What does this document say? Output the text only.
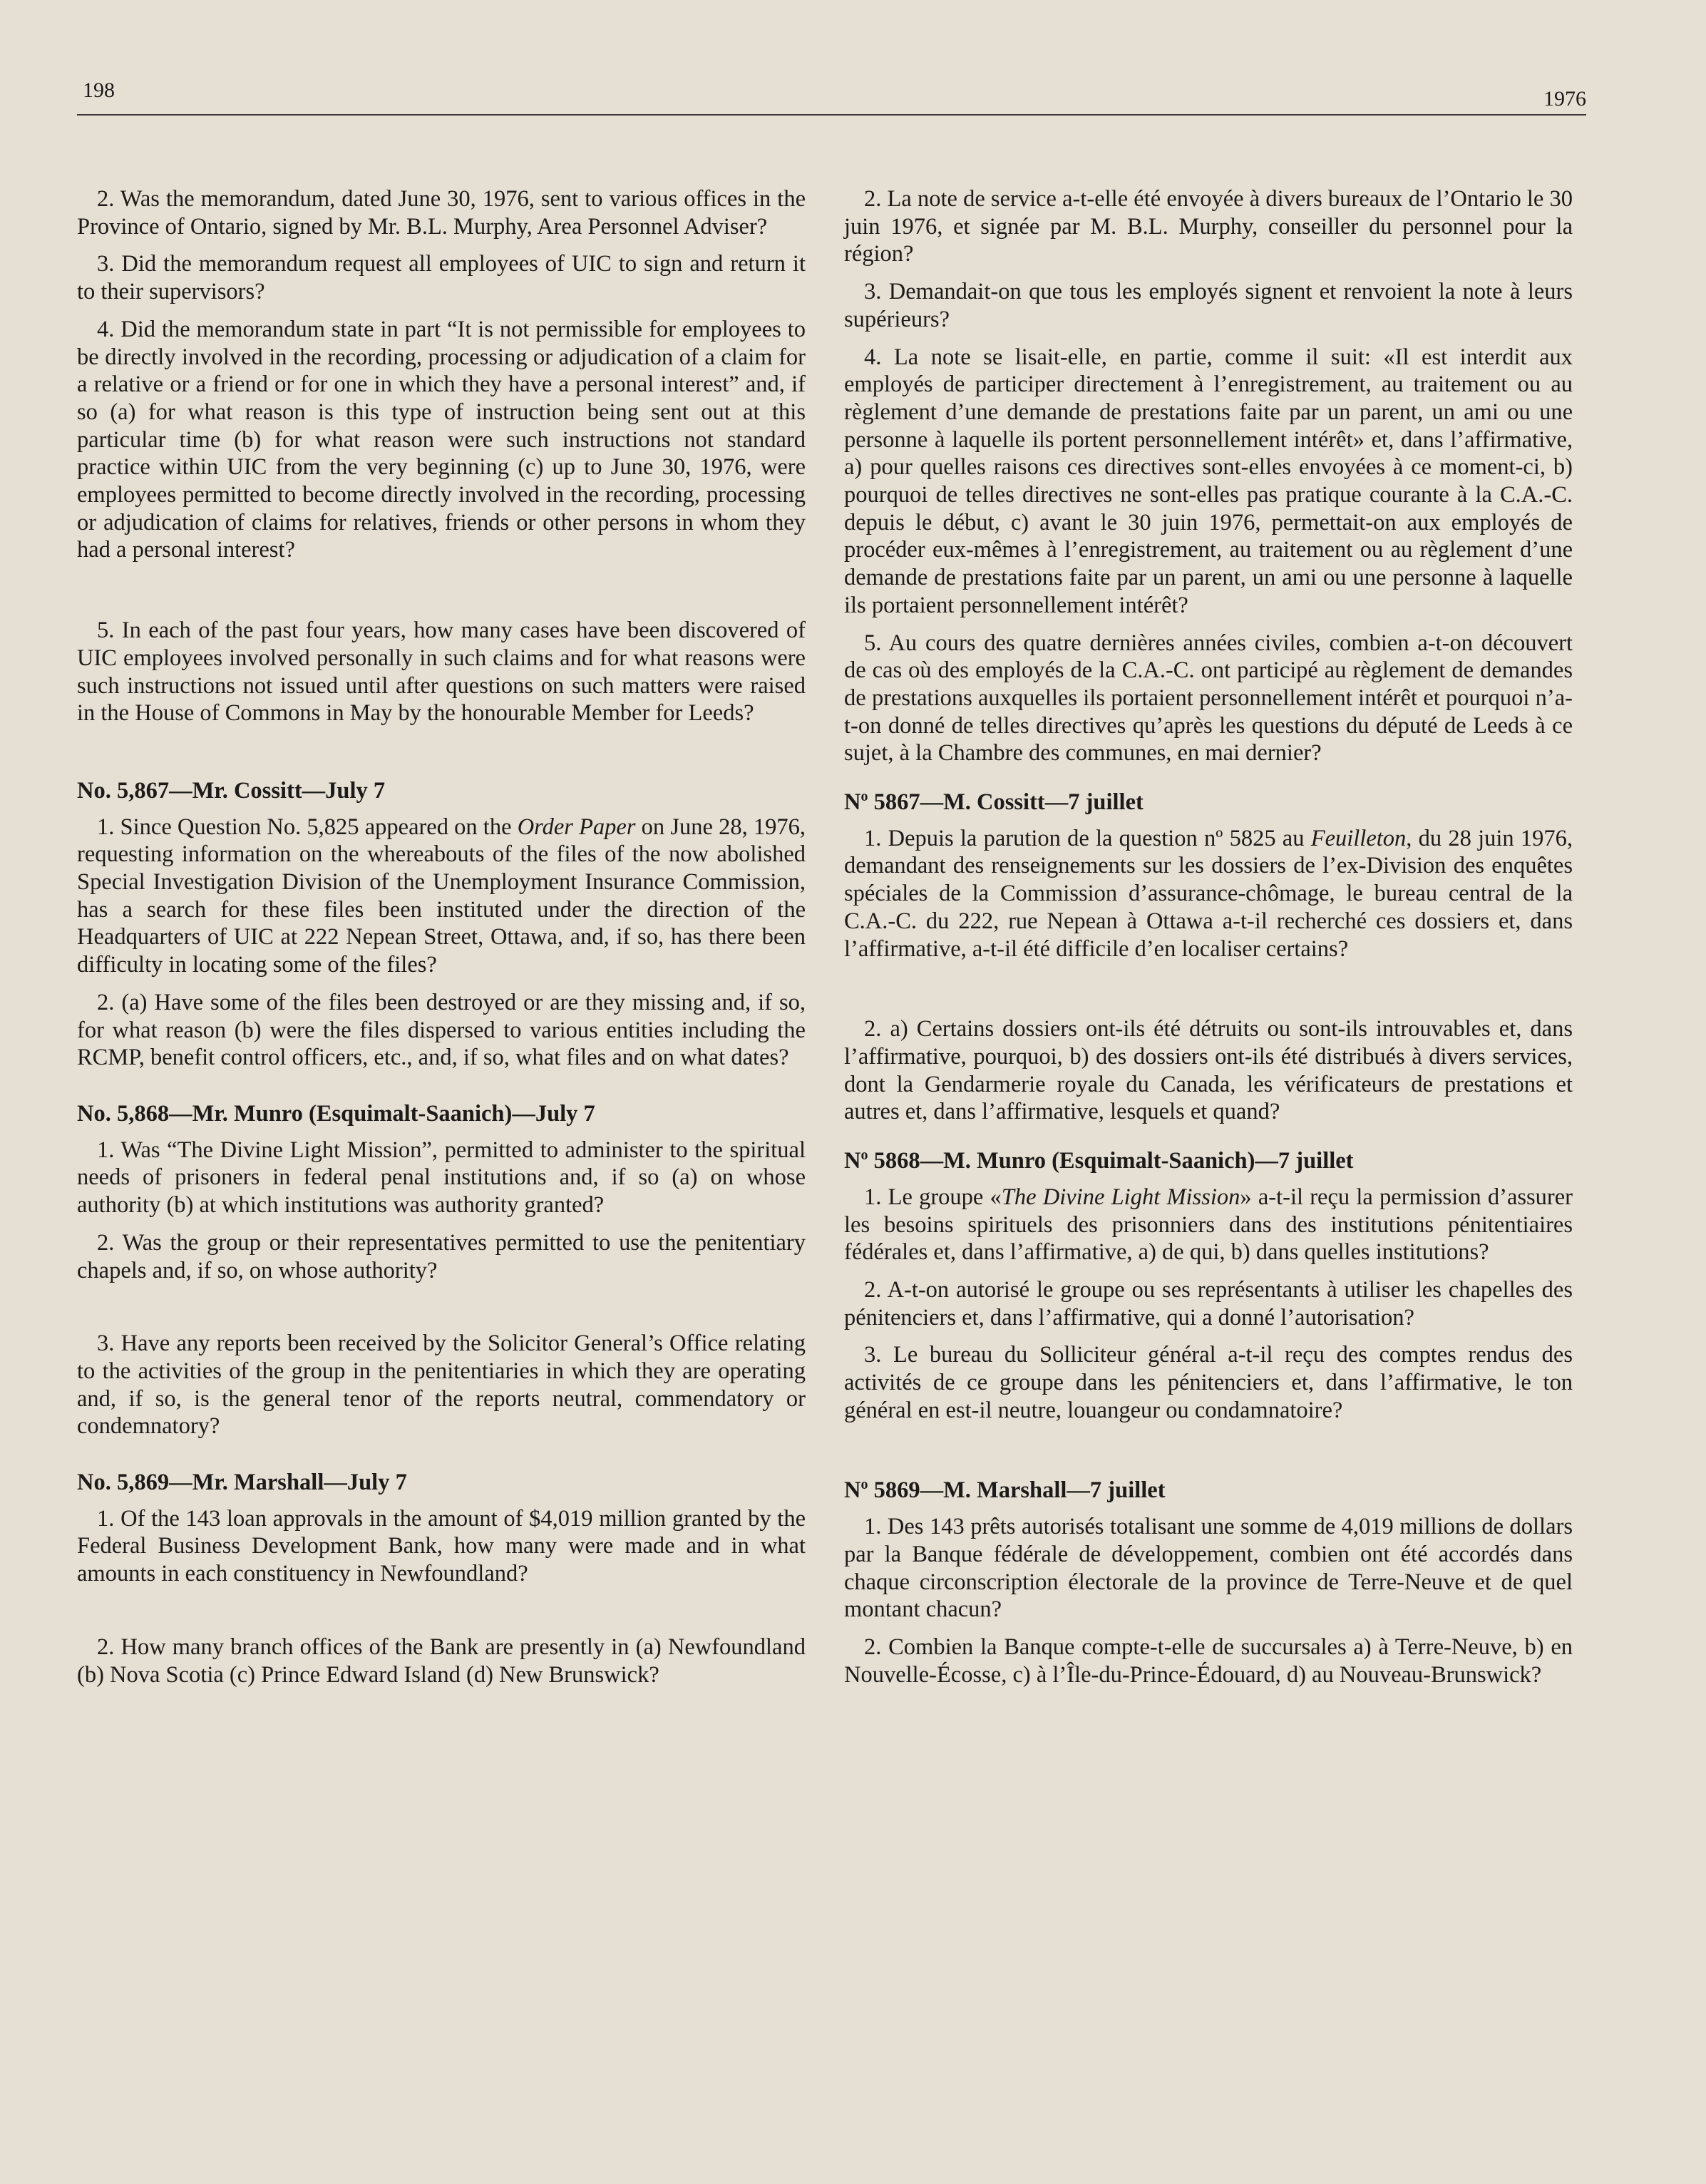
198	1976

2. Was the memorandum, dated June 30, 1976, sent to various offices in the Province of Ontario, signed by Mr. B.L. Murphy, Area Personnel Adviser?

3. Did the memorandum request all employees of UIC to sign and return it to their supervisors?

4. Did the memorandum state in part “It is not permissible for employees to be directly involved in the recording, processing or adjudication of a claim for a relative or a friend or for one in which they have a personal interest” and, if so (a) for what reason is this type of instruction being sent out at this particular time (b) for what reason were such instructions not standard practice within UIC from the very beginning (c) up to June 30, 1976, were employees permitted to become directly involved in the recording, processing or adjudication of claims for relatives, friends or other persons in whom they had a personal interest?

5. In each of the past four years, how many cases have been discovered of UIC employees involved personally in such claims and for what reasons were such instructions not issued until after questions on such matters were raised in the House of Commons in May by the honourable Member for Leeds?

No. 5,867—Mr. Cossitt—July 7

1. Since Question No. 5,825 appeared on the Order Paper on June 28, 1976, requesting information on the whereabouts of the files of the now abolished Special Investigation Division of the Unemployment Insurance Commission, has a search for these files been instituted under the direction of the Headquarters of UIC at 222 Nepean Street, Ottawa, and, if so, has there been difficulty in locating some of the files?

2. (a) Have some of the files been destroyed or are they missing and, if so, for what reason (b) were the files dispersed to various entities including the RCMP, benefit control officers, etc., and, if so, what files and on what dates?

No. 5,868—Mr. Munro (Esquimalt-Saanich)—July 7

1. Was “The Divine Light Mission”, permitted to administer to the spiritual needs of prisoners in federal penal institutions and, if so (a) on whose authority (b) at which institutions was authority granted?

2. Was the group or their representatives permitted to use the penitentiary chapels and, if so, on whose authority?

3. Have any reports been received by the Solicitor General’s Office relating to the activities of the group in the penitentiaries in which they are operating and, if so, is the general tenor of the reports neutral, commendatory or condemnatory?

No. 5,869—Mr. Marshall—July 7

1. Of the 143 loan approvals in the amount of $4,019 million granted by the Federal Business Development Bank, how many were made and in what amounts in each constituency in Newfoundland?

2. How many branch offices of the Bank are presently in (a) Newfoundland (b) Nova Scotia (c) Prince Edward Island (d) New Brunswick?

2. La note de service a-t-elle été envoyée à divers bureaux de l’Ontario le 30 juin 1976, et signée par M. B.L. Murphy, conseiller du personnel pour la région?

3. Demandait-on que tous les employés signent et renvoient la note à leurs supérieurs?

4. La note se lisait-elle, en partie, comme il suit: «Il est interdit aux employés de participer directement à l’enregistrement, au traitement ou au règlement d’une demande de prestations faite par un parent, un ami ou une personne à laquelle ils portent personnellement intérêt» et, dans l’affirmative, a) pour quelles raisons ces directives sont-elles envoyées à ce moment-ci, b) pourquoi de telles directives ne sont-elles pas pratique courante à la C.A.-C. depuis le début, c) avant le 30 juin 1976, permettait-on aux employés de procéder eux-mêmes à l’enregistrement, au traitement ou au règlement d’une demande de prestations faite par un parent, un ami ou une personne à laquelle ils portaient personnellement intérêt?

5. Au cours des quatre dernières années civiles, combien a-t-on découvert de cas où des employés de la C.A.-C. ont participé au règlement de demandes de prestations auxquelles ils portaient personnellement intérêt et pourquoi n’a-t-on donné de telles directives qu’après les questions du député de Leeds à ce sujet, à la Chambre des communes, en mai dernier?

$N^o$ 5867—M. Cossitt—7 juillet

1. Depuis la parution de la question nº 5825 au Feuilleton, du 28 juin 1976, demandant des renseignements sur les dossiers de l’ex-Division des enquêtes spéciales de la Commission d’assurance-chômage, le bureau central de la C.A.-C. du 222, rue Nepean à Ottawa a-t-il recherché ces dossiers et, dans l’affirmative, a-t-il été difficile d’en localiser certains?

2. a) Certains dossiers ont-ils été détruits ou sont-ils introuvables et, dans l’affirmative, pourquoi, b) des dossiers ont-ils été distribués à divers services, dont la Gendarmerie royale du Canada, les vérificateurs de prestations et autres et, dans l’affirmative, lesquels et quand?

$N^o$ 5868—M. Munro (Esquimalt-Saanich)—7 juillet

1. Le groupe «The Divine Light Mission» a-t-il reçu la permission d’assurer les besoins spirituels des prisonniers dans des institutions pénitentiaires fédérales et, dans l’affirmative, a) de qui, b) dans quelles institutions?

2. A-t-on autorisé le groupe ou ses représentants à utiliser les chapelles des pénitenciers et, dans l’affirmative, qui a donné l’autorisation?

3. Le bureau du Solliciteur général a-t-il reçu des comptes rendus des activités de ce groupe dans les pénitenciers et, dans l’affirmative, le ton général en est-il neutre, louangeur ou condamnatoire?

$N^o$ 5869—M. Marshall—7 juillet

1. Des 143 prêts autorisés totalisant une somme de 4,019 millions de dollars par la Banque fédérale de développement, combien ont été accordés dans chaque circonscription électorale de la province de Terre-Neuve et de quel montant chacun?

2. Combien la Banque compte-t-elle de succursales a) à Terre-Neuve, b) en Nouvelle-Écosse, c) à l’Île-du-Prince-Édouard, d) au Nouveau-Brunswick?
